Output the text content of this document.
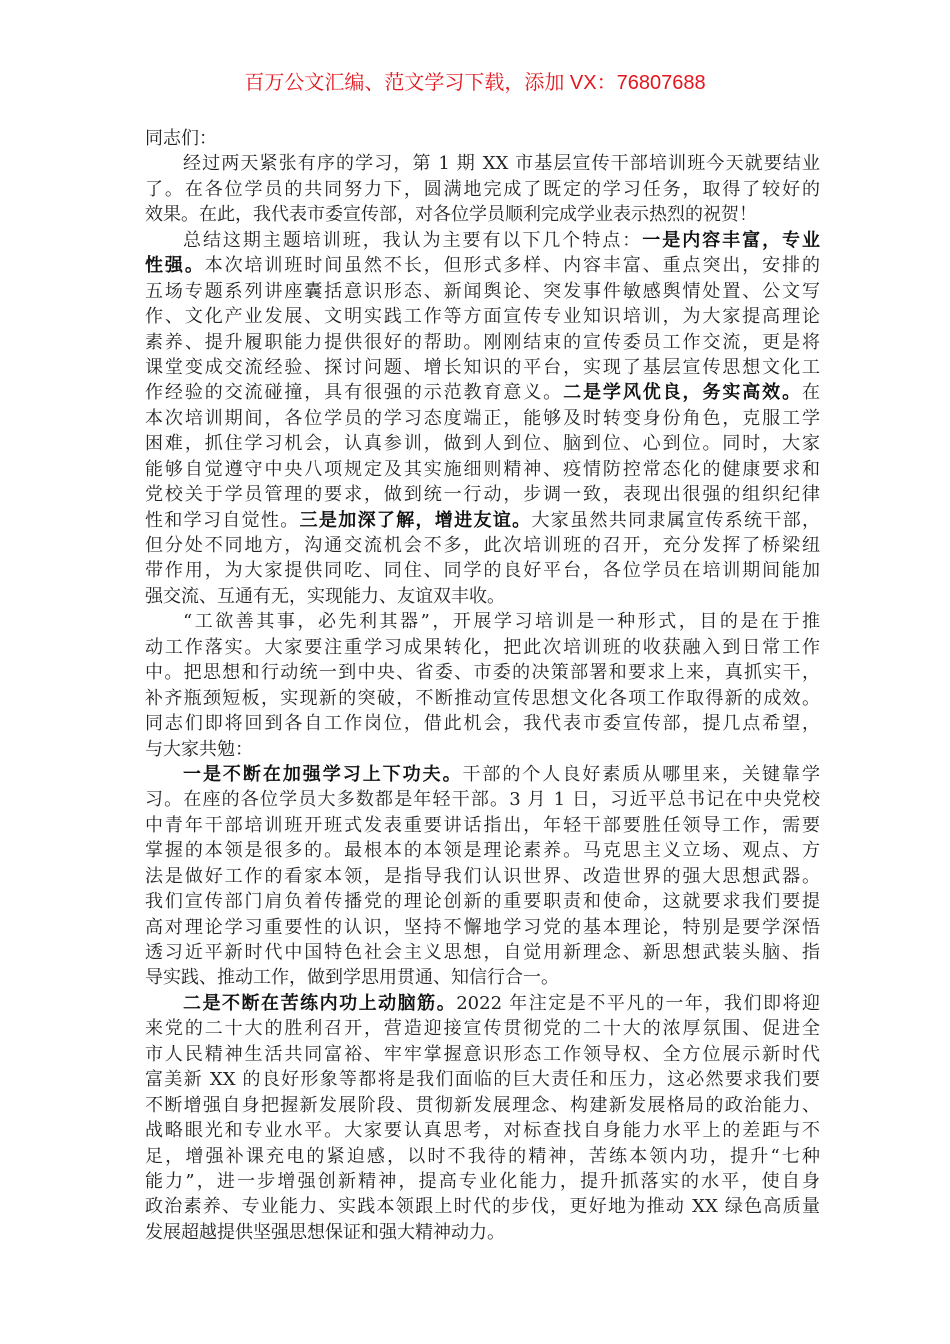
百万公文汇编、范文学习下载，添加 VX：76807688
同志们：
经过两天紧张有序的学习，第 1 期 XX 市基层宣传干部培训班今天就要结业
了。在各位学员的共同努力下，圆满地完成了既定的学习任务，取得了较好的
效果。在此，我代表市委宣传部，对各位学员顺利完成学业表示热烈的祝贺！
总结这期主题培训班，我认为主要有以下几个特点：一是内容丰富，专业
性强。本次培训班时间虽然不长，但形式多样、内容丰富、重点突出，安排的
五场专题系列讲座囊括意识形态、新闻舆论、突发事件敏感舆情处置、公文写
作、文化产业发展、文明实践工作等方面宣传专业知识培训，为大家提高理论
素养、提升履职能力提供很好的帮助。刚刚结束的宣传委员工作交流，更是将
课堂变成交流经验、探讨问题、增长知识的平台，实现了基层宣传思想文化工
作经验的交流碰撞，具有很强的示范教育意义。二是学风优良，务实高效。在
本次培训期间，各位学员的学习态度端正，能够及时转变身份角色，克服工学
困难，抓住学习机会，认真参训，做到人到位、脑到位、心到位。同时，大家
能够自觉遵守中央八项规定及其实施细则精神、疫情防控常态化的健康要求和
党校关于学员管理的要求，做到统一行动，步调一致，表现出很强的组织纪律
性和学习自觉性。三是加深了解，增进友谊。大家虽然共同隶属宣传系统干部，
但分处不同地方，沟通交流机会不多，此次培训班的召开，充分发挥了桥梁纽
带作用，为大家提供同吃、同住、同学的良好平台，各位学员在培训期间能加
强交流、互通有无，实现能力、友谊双丰收。
“工欲善其事，必先利其器”，开展学习培训是一种形式，目的是在于推
动工作落实。大家要注重学习成果转化，把此次培训班的收获融入到日常工作
中。把思想和行动统一到中央、省委、市委的决策部署和要求上来，真抓实干，
补齐瓶颈短板，实现新的突破，不断推动宣传思想文化各项工作取得新的成效。
同志们即将回到各自工作岗位，借此机会，我代表市委宣传部，提几点希望，
与大家共勉：
一是不断在加强学习上下功夫。干部的个人良好素质从哪里来，关键靠学
习。在座的各位学员大多数都是年轻干部。3 月 1 日，习近平总书记在中央党校
中青年干部培训班开班式发表重要讲话指出，年轻干部要胜任领导工作，需要
掌握的本领是很多的。最根本的本领是理论素养。马克思主义立场、观点、方
法是做好工作的看家本领，是指导我们认识世界、改造世界的强大思想武器。
我们宣传部门肩负着传播党的理论创新的重要职责和使命，这就要求我们要提
高对理论学习重要性的认识，坚持不懈地学习党的基本理论，特别是要学深悟
透习近平新时代中国特色社会主义思想，自觉用新理念、新思想武装头脑、指
导实践、推动工作，做到学思用贯通、知信行合一。
二是不断在苦练内功上动脑筋。2022 年注定是不平凡的一年，我们即将迎
来党的二十大的胜利召开，营造迎接宣传贯彻党的二十大的浓厚氛围、促进全
市人民精神生活共同富裕、牢牢掌握意识形态工作领导权、全方位展示新时代
富美新 XX 的良好形象等都将是我们面临的巨大责任和压力，这必然要求我们要
不断增强自身把握新发展阶段、贯彻新发展理念、构建新发展格局的政治能力、
战略眼光和专业水平。大家要认真思考，对标查找自身能力水平上的差距与不
足，增强补课充电的紧迫感，以时不我待的精神，苦练本领内功，提升“七种
能力”，进一步增强创新精神，提高专业化能力，提升抓落实的水平，使自身
政治素养、专业能力、实践本领跟上时代的步伐，更好地为推动 XX 绿色高质量
发展超越提供坚强思想保证和强大精神动力。
